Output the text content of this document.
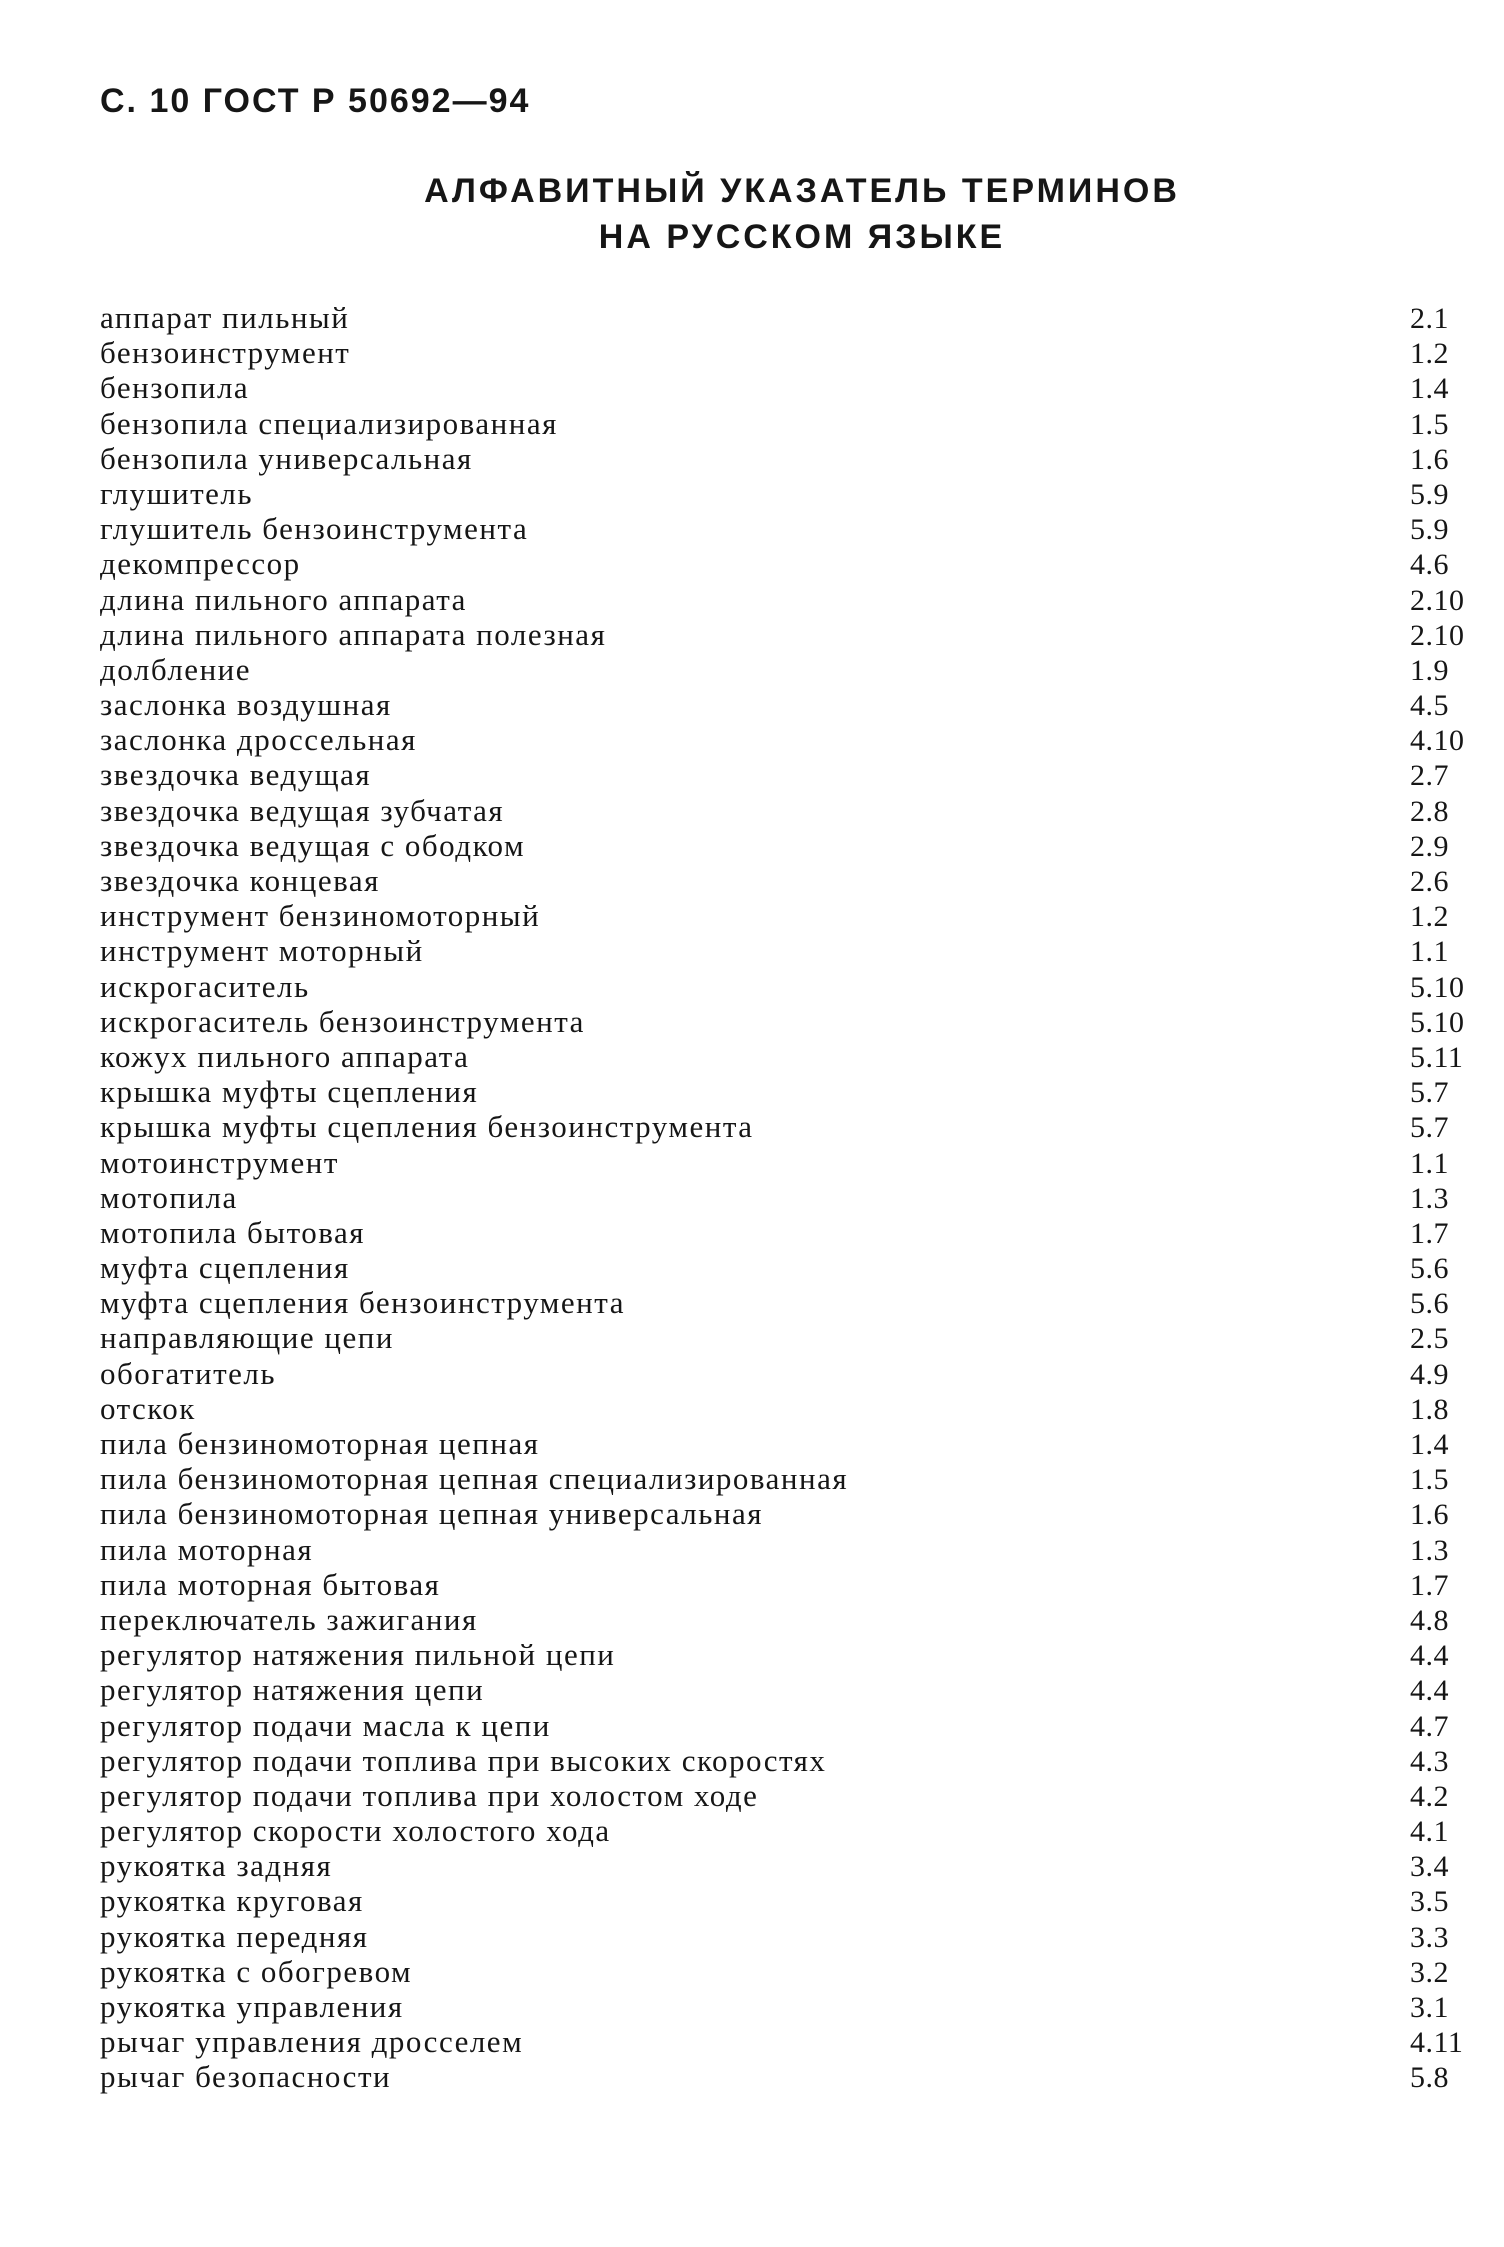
С. 10 ГОСТ Р 50692—94
АЛФАВИТНЫЙ УКАЗАТЕЛЬ ТЕРМИНОВ
НА РУССКОМ ЯЗЫКЕ
аппарат пильный	2.1
бензоинструмент	1.2
бензопила	1.4
бензопила специализированная	1.5
бензопила универсальная	1.6
глушитель	5.9
глушитель бензоинструмента	5.9
декомпрессор	4.6
длина пильного аппарата	2.10
длина пильного аппарата полезная	2.10
долбление	1.9
заслонка воздушная	4.5
заслонка дроссельная	4.10
звездочка ведущая	2.7
звездочка ведущая зубчатая	2.8
звездочка ведущая с ободком	2.9
звездочка концевая	2.6
инструмент бензиномоторный	1.2
инструмент моторный	1.1
искрогаситель	5.10
искрогаситель бензоинструмента	5.10
кожух пильного аппарата	5.11
крышка муфты сцепления	5.7
крышка муфты сцепления бензоинструмента	5.7
мотоинструмент	1.1
мотопила	1.3
мотопила бытовая	1.7
муфта сцепления	5.6
муфта сцепления бензоинструмента	5.6
направляющие цепи	2.5
обогатитель	4.9
отскок	1.8
пила бензиномоторная цепная	1.4
пила бензиномоторная цепная специализированная	1.5
пила бензиномоторная цепная универсальная	1.6
пила моторная	1.3
пила моторная бытовая	1.7
переключатель зажигания	4.8
регулятор натяжения пильной цепи	4.4
регулятор натяжения цепи	4.4
регулятор подачи масла к цепи	4.7
регулятор подачи топлива при высоких скоростях	4.3
регулятор подачи топлива при холостом ходе	4.2
регулятор скорости холостого хода	4.1
рукоятка задняя	3.4
рукоятка круговая	3.5
рукоятка передняя	3.3
рукоятка с обогревом	3.2
рукоятка управления	3.1
рычаг управления дросселем	4.11
рычаг безопасности	5.8
